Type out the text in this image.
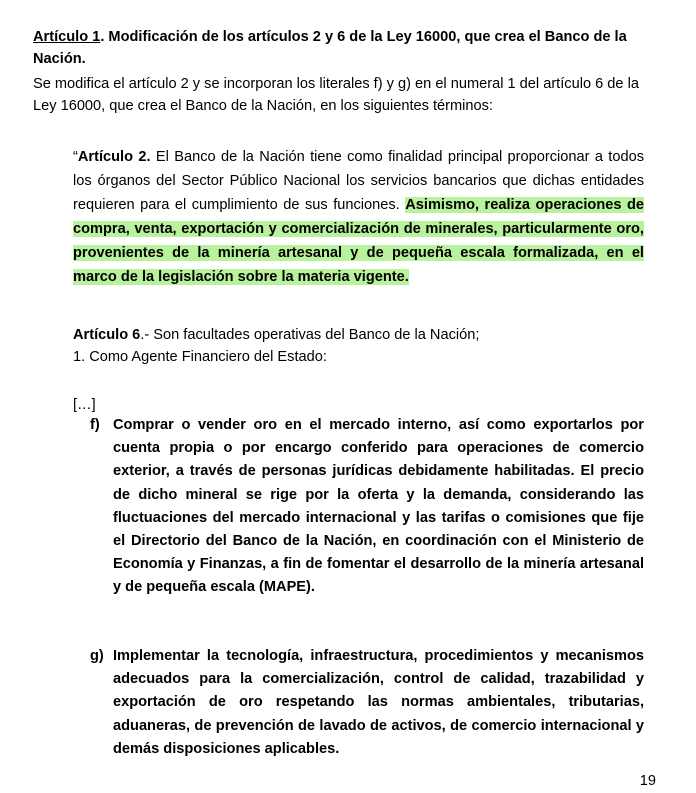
Artículo 1. Modificación de los artículos 2 y 6 de la Ley 16000, que crea el Banco de la Nación.

Se modifica el artículo 2 y se incorporan los literales f) y g) en el numeral 1 del artículo 6 de la Ley 16000, que crea el Banco de la Nación, en los siguientes términos:

“Artículo 2. El Banco de la Nación tiene como finalidad principal proporcionar a todos los órganos del Sector Público Nacional los servicios bancarios que dichas entidades requieren para el cumplimiento de sus funciones. Asimismo, realiza operaciones de compra, venta, exportación y comercialización de minerales, particularmente oro, provenientes de la minería artesanal y de pequeña escala formalizada, en el marco de la legislación sobre la materia vigente.

Artículo 6.- Son facultades operativas del Banco de la Nación;

1. Como Agente Financiero del Estado:

[…]

f) Comprar o vender oro en el mercado interno, así como exportarlos por cuenta propia o por encargo conferido para operaciones de comercio exterior, a través de personas jurídicas debidamente habilitadas. El precio de dicho mineral se rige por la oferta y la demanda, considerando las fluctuaciones del mercado internacional y las tarifas o comisiones que fije el Directorio del Banco de la Nación, en coordinación con el Ministerio de Economía y Finanzas, a fin de fomentar el desarrollo de la minería artesanal y de pequeña escala (MAPE).
g) Implementar la tecnología, infraestructura, procedimientos y mecanismos adecuados para la comercialización, control de calidad, trazabilidad y exportación de oro respetando las normas ambientales, tributarias, aduaneras, de prevención de lavado de activos, de comercio internacional y demás disposiciones aplicables.

19
